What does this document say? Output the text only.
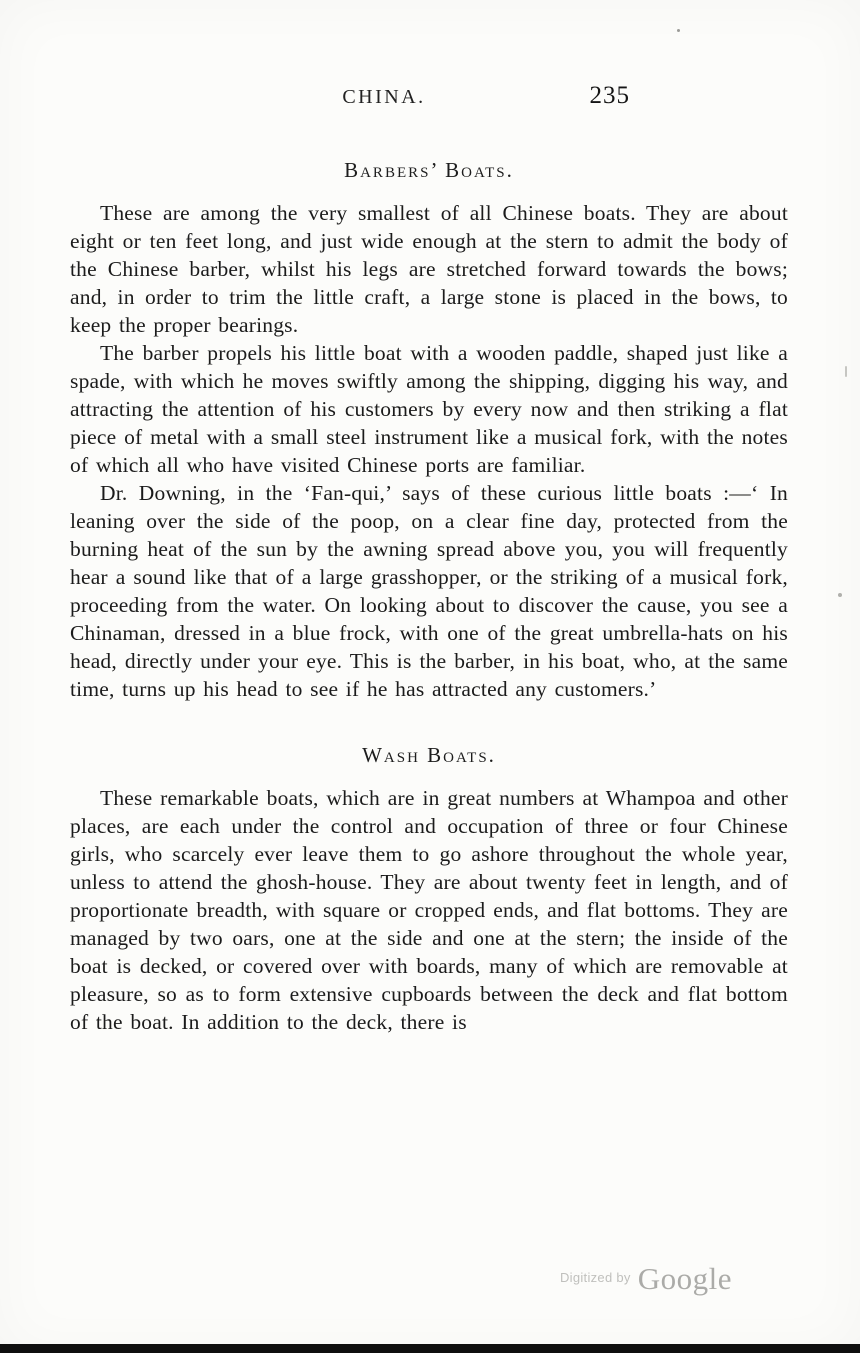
CHINA.	235
Barbers’ Boats.

These are among the very smallest of all Chinese boats. They are about eight or ten feet long, and just wide enough at the stern to admit the body of the Chinese barber, whilst his legs are stretched forward towards the bows; and, in order to trim the little craft, a large stone is placed in the bows, to keep the proper bearings.

The barber propels his little boat with a wooden paddle, shaped just like a spade, with which he moves swiftly among the shipping, digging his way, and attracting the attention of his customers by every now and then striking a flat piece of metal with a small steel instrument like a musical fork, with the notes of which all who have visited Chinese ports are familiar.

Dr. Downing, in the ‘Fan-qui,’ says of these curious little boats :—‘ In leaning over the side of the poop, on a clear fine day, protected from the burning heat of the sun by the awning spread above you, you will frequently hear a sound like that of a large grasshopper, or the striking of a musical fork, proceeding from the water. On looking about to discover the cause, you see a Chinaman, dressed in a blue frock, with one of the great umbrella-hats on his head, directly under your eye. This is the barber, in his boat, who, at the same time, turns up his head to see if he has attracted any customers.’

Wash Boats.

These remarkable boats, which are in great numbers at Whampoa and other places, are each under the control and occupation of three or four Chinese girls, who scarcely ever leave them to go ashore throughout the whole year, unless to attend the ghosh-house. They are about twenty feet in length, and of proportionate breadth, with square or cropped ends, and flat bottoms. They are managed by two oars, one at the side and one at the stern; the inside of the boat is decked, or covered over with boards, many of which are removable at pleasure, so as to form extensive cupboards between the deck and flat bottom of the boat. In addition to the deck, there is

$^{Digitized by}$ Google
